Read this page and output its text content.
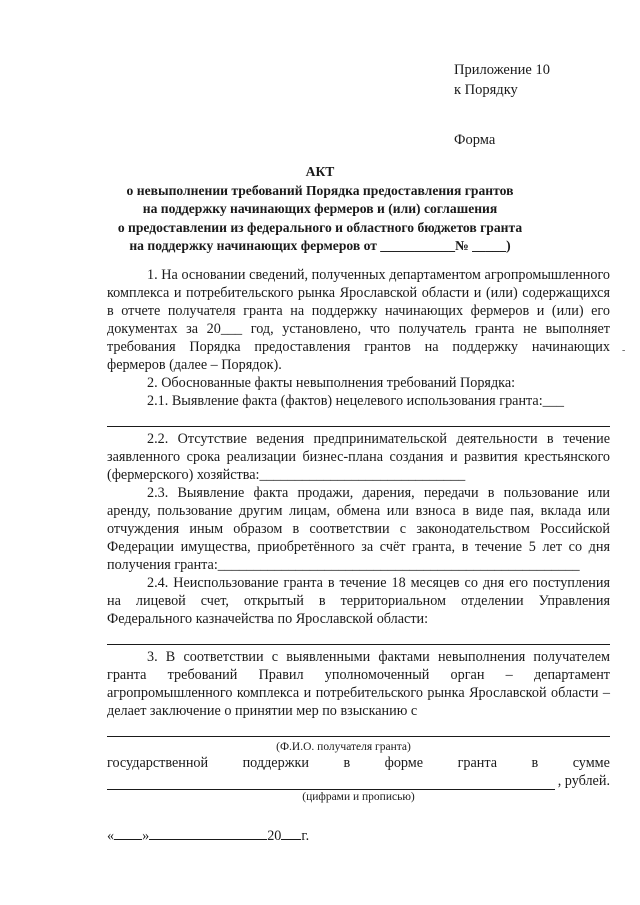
Приложение 10
к Порядку
Форма
АКТ
о невыполнении требований Порядка предоставления грантов
на поддержку начинающих фермеров и (или) соглашения
о предоставлении из федерального и областного бюджетов гранта
на поддержку начинающих фермеров от ___________№ _____)
-

1. На основании сведений, полученных департаментом агропромышленного комплекса и потребительского рынка Ярославской области и (или) содержащихся в отчете получателя гранта на поддержку начинающих фермеров и (или) его документах за 20___ год, установлено, что получатель гранта не выполняет требования Порядка предоставления грантов на поддержку начинающих фермеров (далее – Порядок).

2. Обоснованные факты невыполнения требований Порядка:

2.1. Выявление факта (фактов) нецелевого использования гранта:___

2.2. Отсутствие ведения предпринимательской деятельности в течение заявленного срока реализации бизнес-плана создания и развития крестьянского (фермерского) хозяйства:_____________________________

2.3. Выявление факта продажи, дарения, передачи в пользование или аренду, пользование другим лицам, обмена или взноса в виде пая, вклада или отчуждения иным образом в соответствии с законодательством Российской Федерации имущества, приобретённого за счёт гранта, в течение 5 лет со дня получения гранта:___________________________________________________

2.4. Неиспользование гранта в течение 18 месяцев со дня его поступления на лицевой счет, открытый в территориальном отделении Управления Федерального казначейства по Ярославской области:

3. В соответствии с выявленными фактами невыполнения получателем гранта требований Правил уполномоченный орган – департамент агропромышленного комплекса и потребительского рынка Ярославской области – делает заключение о принятии мер по взысканию с

(Ф.И.О. получателя гранта)
государственной поддержки в форме гранта в сумме
, рублей.
(цифрами и прописью)
« »	20 г.
